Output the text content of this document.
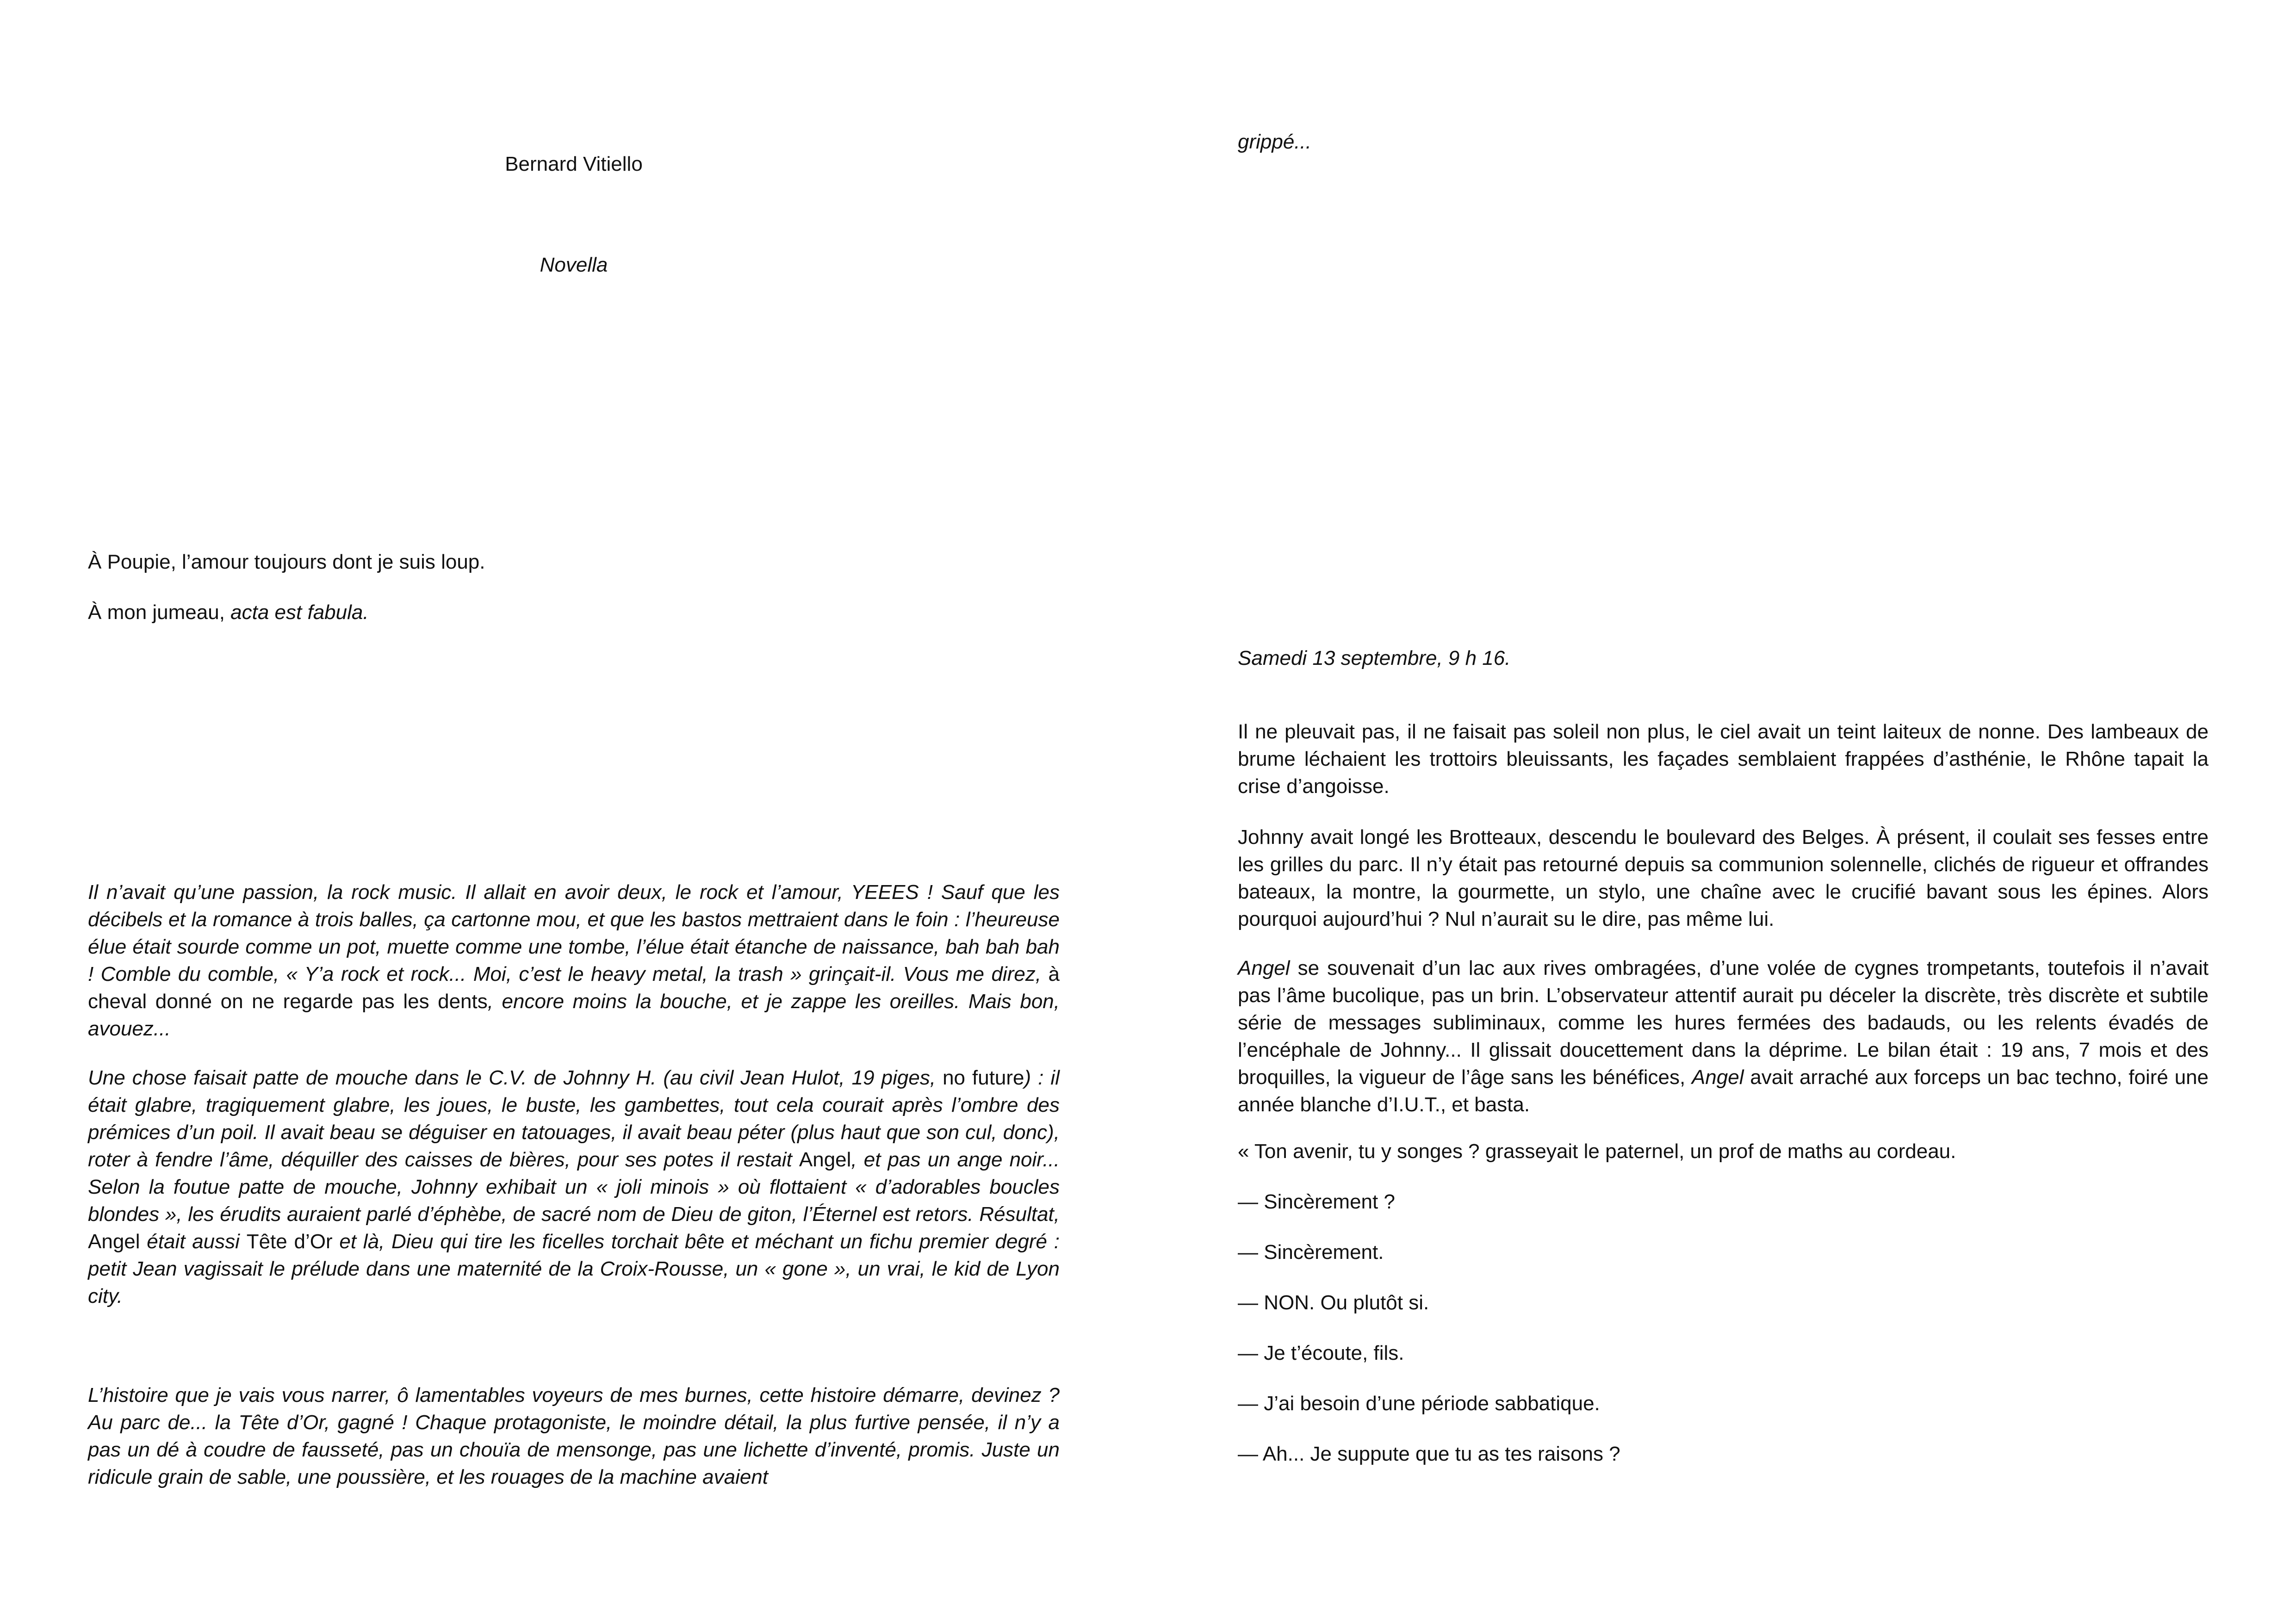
Bernard Vitiello

Novella

À Poupie, l’amour toujours dont je suis loup.

À mon jumeau, acta est fabula.

Il n’avait qu’une passion, la rock music. Il allait en avoir deux, le rock et l’amour, YEEES ! Sauf que les décibels et la romance à trois balles, ça cartonne mou, et que les bastos mettraient dans le foin : l’heureuse élue était sourde comme un pot, muette comme une tombe, l’élue était étanche de naissance, bah bah bah ! Comble du comble, « Y’a rock et rock... Moi, c’est le heavy metal, la trash » grinçait-il. Vous me direz, à cheval donné on ne regarde pas les dents, encore moins la bouche, et je zappe les oreilles. Mais bon, avouez...

Une chose faisait patte de mouche dans le C.V. de Johnny H. (au civil Jean Hulot, 19 piges, no future) : il était glabre, tragiquement glabre, les joues, le buste, les gambettes, tout cela courait après l’ombre des prémices d’un poil. Il avait beau se déguiser en tatouages, il avait beau péter (plus haut que son cul, donc), roter à fendre l’âme, déquiller des caisses de bières, pour ses potes il restait Angel, et pas un ange noir... Selon la foutue patte de mouche, Johnny exhibait un « joli minois » où flottaient « d’adorables boucles blondes », les érudits auraient parlé d’éphèbe, de sacré nom de Dieu de giton, l’Éternel est retors. Résultat, Angel était aussi Tête d’Or et là, Dieu qui tire les ficelles torchait bête et méchant un fichu premier degré : petit Jean vagissait le prélude dans une maternité de la Croix-Rousse, un « gone », un vrai, le kid de Lyon city.

L’histoire que je vais vous narrer, ô lamentables voyeurs de mes burnes, cette histoire démarre, devinez ? Au parc de... la Tête d’Or, gagné ! Chaque protagoniste, le moindre détail, la plus furtive pensée, il n’y a pas un dé à coudre de fausseté, pas un chouïa de mensonge, pas une lichette d’inventé, promis. Juste un ridicule grain de sable, une poussière, et les rouages de la machine avaient

grippé...

Samedi 13 septembre, 9 h 16.

Il ne pleuvait pas, il ne faisait pas soleil non plus, le ciel avait un teint laiteux de nonne. Des lambeaux de brume léchaient les trottoirs bleuissants, les façades semblaient frappées d’asthénie, le Rhône tapait la crise d’angoisse.

Johnny avait longé les Brotteaux, descendu le boulevard des Belges. À présent, il coulait ses fesses entre les grilles du parc. Il n’y était pas retourné depuis sa communion solennelle, clichés de rigueur et offrandes bateaux, la montre, la gourmette, un stylo, une chaîne avec le crucifié bavant sous les épines. Alors pourquoi aujourd’hui ? Nul n’aurait su le dire, pas même lui.

Angel se souvenait d’un lac aux rives ombragées, d’une volée de cygnes trompetants, toutefois il n’avait pas l’âme bucolique, pas un brin. L’observateur attentif aurait pu déceler la discrète, très discrète et subtile série de messages subliminaux, comme les hures fermées des badauds, ou les relents évadés de l’encéphale de Johnny... Il glissait doucettement dans la déprime. Le bilan était : 19 ans, 7 mois et des broquilles, la vigueur de l’âge sans les bénéfices, Angel avait arraché aux forceps un bac techno, foiré une année blanche d’I.U.T., et basta.

« Ton avenir, tu y songes ? grasseyait le paternel, un prof de maths au cordeau.

— Sincèrement ?

— Sincèrement.

— NON. Ou plutôt si.

— Je t’écoute, fils.

— J’ai besoin d’une période sabbatique.

— Ah... Je suppute que tu as tes raisons ?
